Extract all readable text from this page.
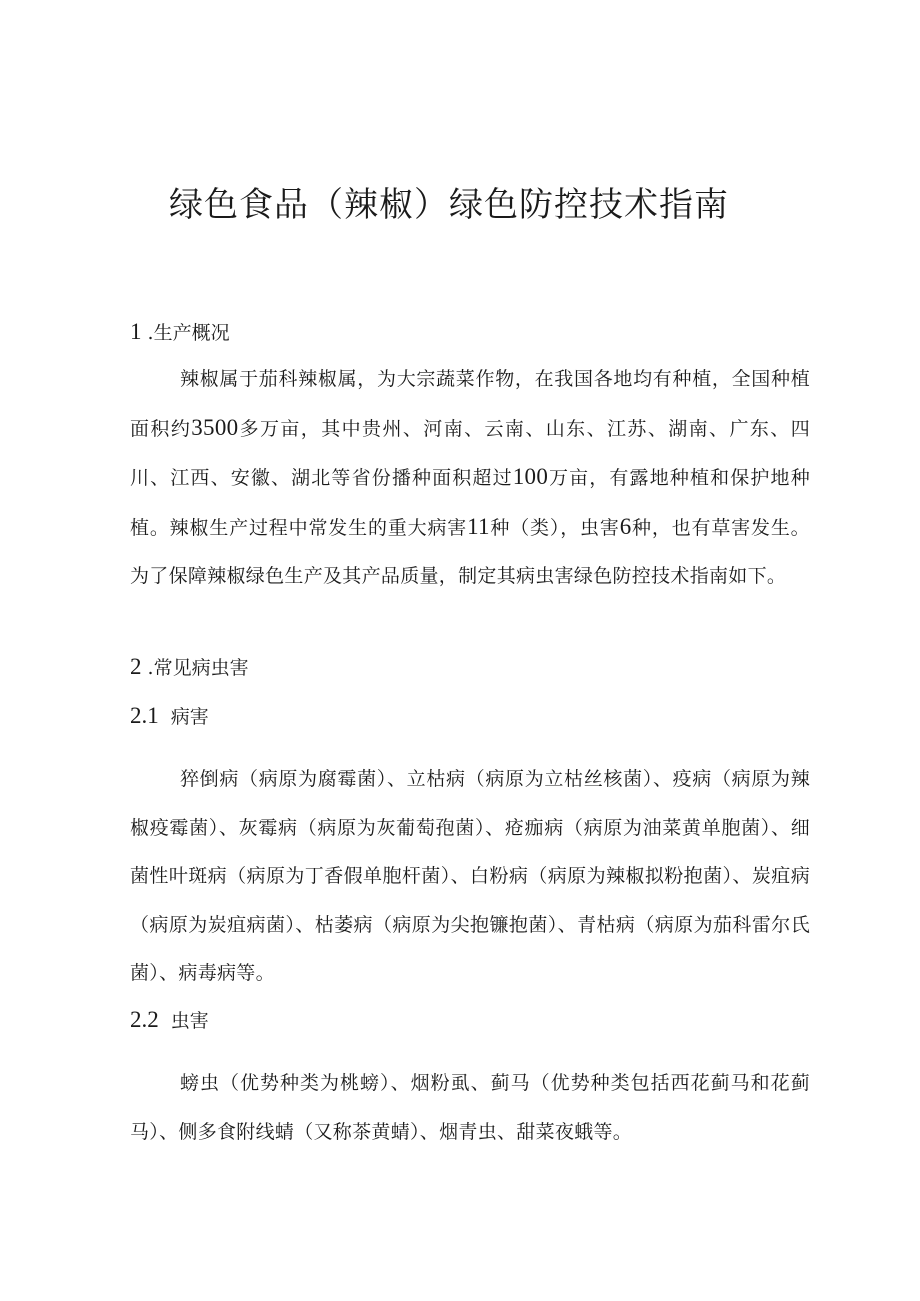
绿色食品（辣椒）绿色防控技术指南
1 .生产概况

辣椒属于茄科辣椒属，为大宗蔬菜作物，在我国各地均有种植，全国种植面积约3500多万亩，其中贵州、河南、云南、山东、江苏、湖南、广东、四川、江西、安徽、湖北等省份播种面积超过100万亩，有露地种植和保护地种植。辣椒生产过程中常发生的重大病害11种（类），虫害6种，也有草害发生。为了保障辣椒绿色生产及其产品质量，制定其病虫害绿色防控技术指南如下。

2 .常见病虫害
2.1 病害

猝倒病（病原为腐霉菌）、立枯病（病原为立枯丝核菌）、疫病（病原为辣椒疫霉菌）、灰霉病（病原为灰葡萄孢菌）、疮痂病（病原为油菜黄单胞菌）、细菌性叶斑病（病原为丁香假单胞杆菌）、白粉病（病原为辣椒拟粉抱菌）、炭疽病（病原为炭疽病菌）、枯萎病（病原为尖抱镰抱菌）、青枯病（病原为茄科雷尔氏菌）、病毒病等。

2.2 虫害

螃虫（优势种类为桃螃）、烟粉虱、蓟马（优势种类包括西花蓟马和花蓟马）、侧多食附线蜻（又称茶黄蜻）、烟青虫、甜菜夜蛾等。
